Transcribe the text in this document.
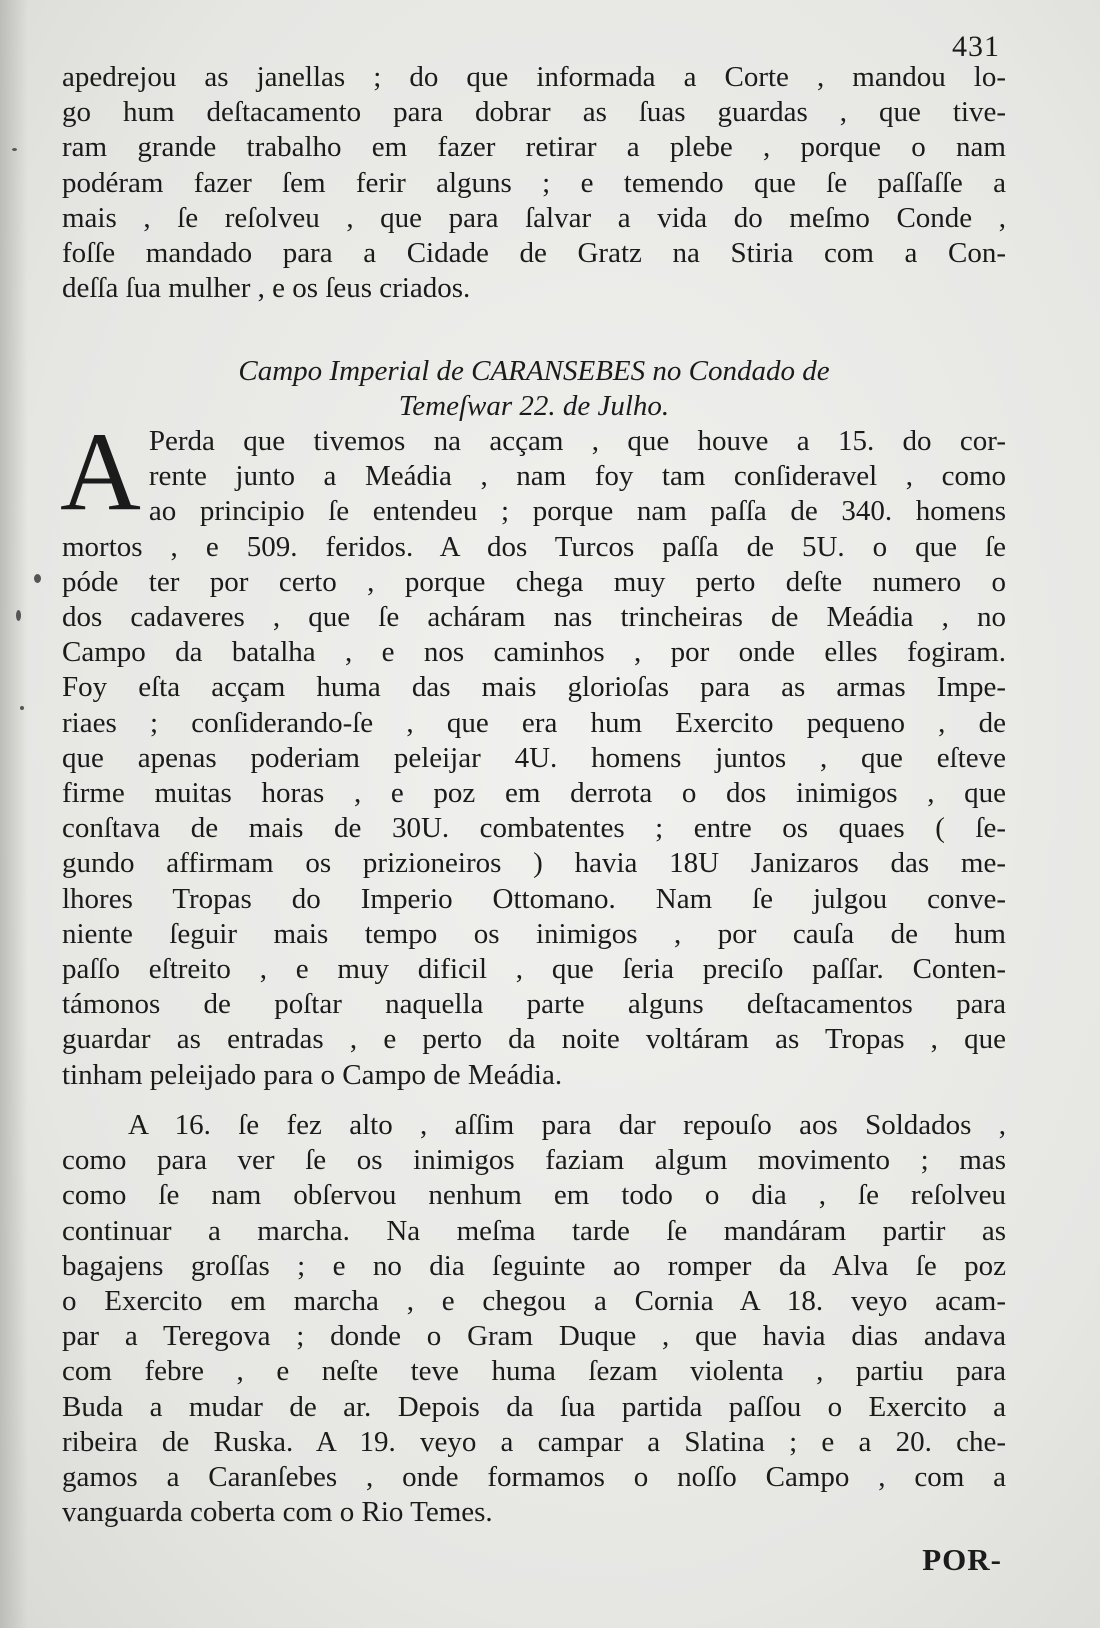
431
apedrejou as janellas ; do que informada a Corte , mandou lo-
go hum deſtacamento para dobrar as ſuas guardas , que tive-
ram grande trabalho em fazer retirar a plebe , porque o nam
podéram fazer ſem ferir alguns ; e temendo que ſe paſſaſſe a
mais , ſe reſolveu , que para ſalvar a vida do meſmo Conde ,
foſſe mandado para a Cidade de Gratz na Stiria com a Con-
deſſa ſua mulher , e os ſeus criados.
Campo Imperial de CARANSEBES no Condado de
Temeſwar 22. de Julho.
A Perda que tivemos na acçam , que houve a 15. do cor-
rente junto a Meádia , nam foy tam conſideravel , como
ao principio ſe entendeu ; porque nam paſſa de 340. homens
mortos , e 509. feridos. A dos Turcos paſſa de 5U. o que ſe
póde ter por certo , porque chega muy perto deſte numero o
dos cadaveres , que ſe acháram nas trincheiras de Meádia , no
Campo da batalha , e nos caminhos , por onde elles fogiram.
Foy eſta acçam huma das mais glorioſas para as armas Impe-
riaes ; conſiderando-ſe , que era hum Exercito pequeno , de
que apenas poderiam peleijar 4U. homens juntos , que eſteve
firme muitas horas , e poz em derrota o dos inimigos , que
conſtava de mais de 30U. combatentes ; entre os quaes ( ſe-
gundo affirmam os prizioneiros ) havia 18U Janizaros das me-
lhores Tropas do Imperio Ottomano. Nam ſe julgou conve-
niente ſeguir mais tempo os inimigos , por cauſa de hum
paſſo eſtreito , e muy dificil , que ſeria preciſo paſſar. Conten-
támonos de poſtar naquella parte alguns deſtacamentos para
guardar as entradas , e perto da noite voltáram as Tropas , que
tinham peleijado para o Campo de Meádia.
A 16. ſe fez alto , aſſim para dar repouſo aos Soldados ,
como para ver ſe os inimigos faziam algum movimento ; mas
como ſe nam obſervou nenhum em todo o dia , ſe reſolveu
continuar a marcha. Na meſma tarde ſe mandáram partir as
bagajens groſſas ; e no dia ſeguinte ao romper da Alva ſe poz
o Exercito em marcha , e chegou a Cornia A 18. veyo acam-
par a Teregova ; donde o Gram Duque , que havia dias andava
com febre , e neſte teve huma ſezam violenta , partiu para
Buda a mudar de ar. Depois da ſua partida paſſou o Exercito a
ribeira de Ruska. A 19. veyo a campar a Slatina ; e a 20. che-
gamos a Caranſebes , onde formamos o noſſo Campo , com a
vanguarda coberta com o Rio Temes.
POR-
